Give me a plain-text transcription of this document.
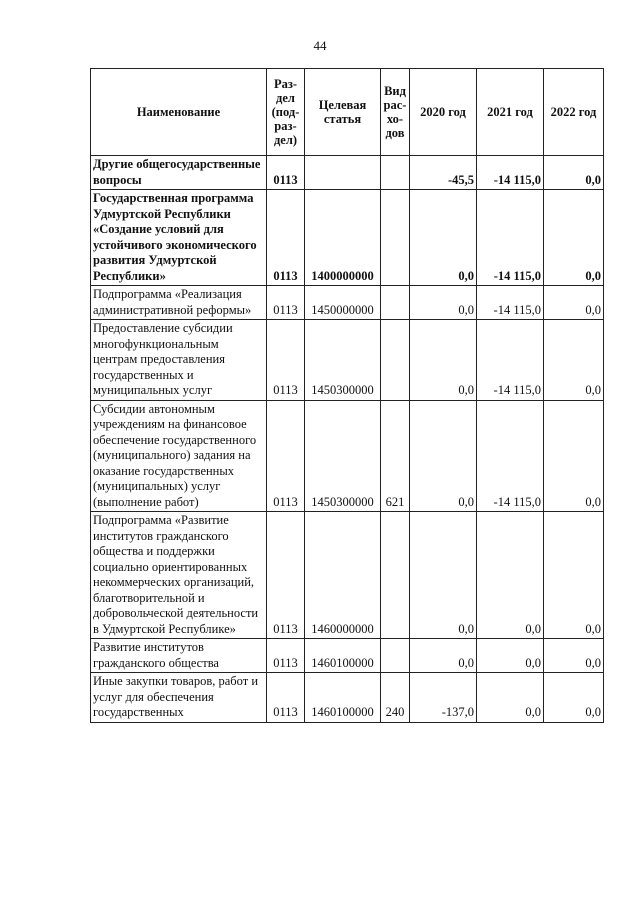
44
Наименование	Раз-дел (под-раз-дел)	Целевая статья	Вид рас-хо-дов	2020 год	2021 год	2022 год
Другие общегосударственные вопросы	0113			-45,5	-14 115,0	0,0
Государственная программа Удмуртской Республики «Создание условий для устойчивого экономического развития Удмуртской Республики»	0113	1400000000		0,0	-14 115,0	0,0
Подпрограмма «Реализация административной реформы»	0113	1450000000		0,0	-14 115,0	0,0
Предоставление субсидии многофункциональным центрам предоставления государственных и муниципальных услуг	0113	1450300000		0,0	-14 115,0	0,0
Субсидии автономным учреждениям на финансовое обеспечение государственного (муниципального) задания на оказание государственных (муниципальных) услуг (выполнение работ)	0113	1450300000	621	0,0	-14 115,0	0,0
Подпрограмма «Развитие институтов гражданского общества и поддержки социально ориентированных некоммерческих организаций, благотворительной и добровольческой деятельности в Удмуртской Республике»	0113	1460000000		0,0	0,0	0,0
Развитие институтов гражданского общества	0113	1460100000		0,0	0,0	0,0
Иные закупки товаров, работ и услуг для обеспечения государственных	0113	1460100000	240	-137,0	0,0	0,0
